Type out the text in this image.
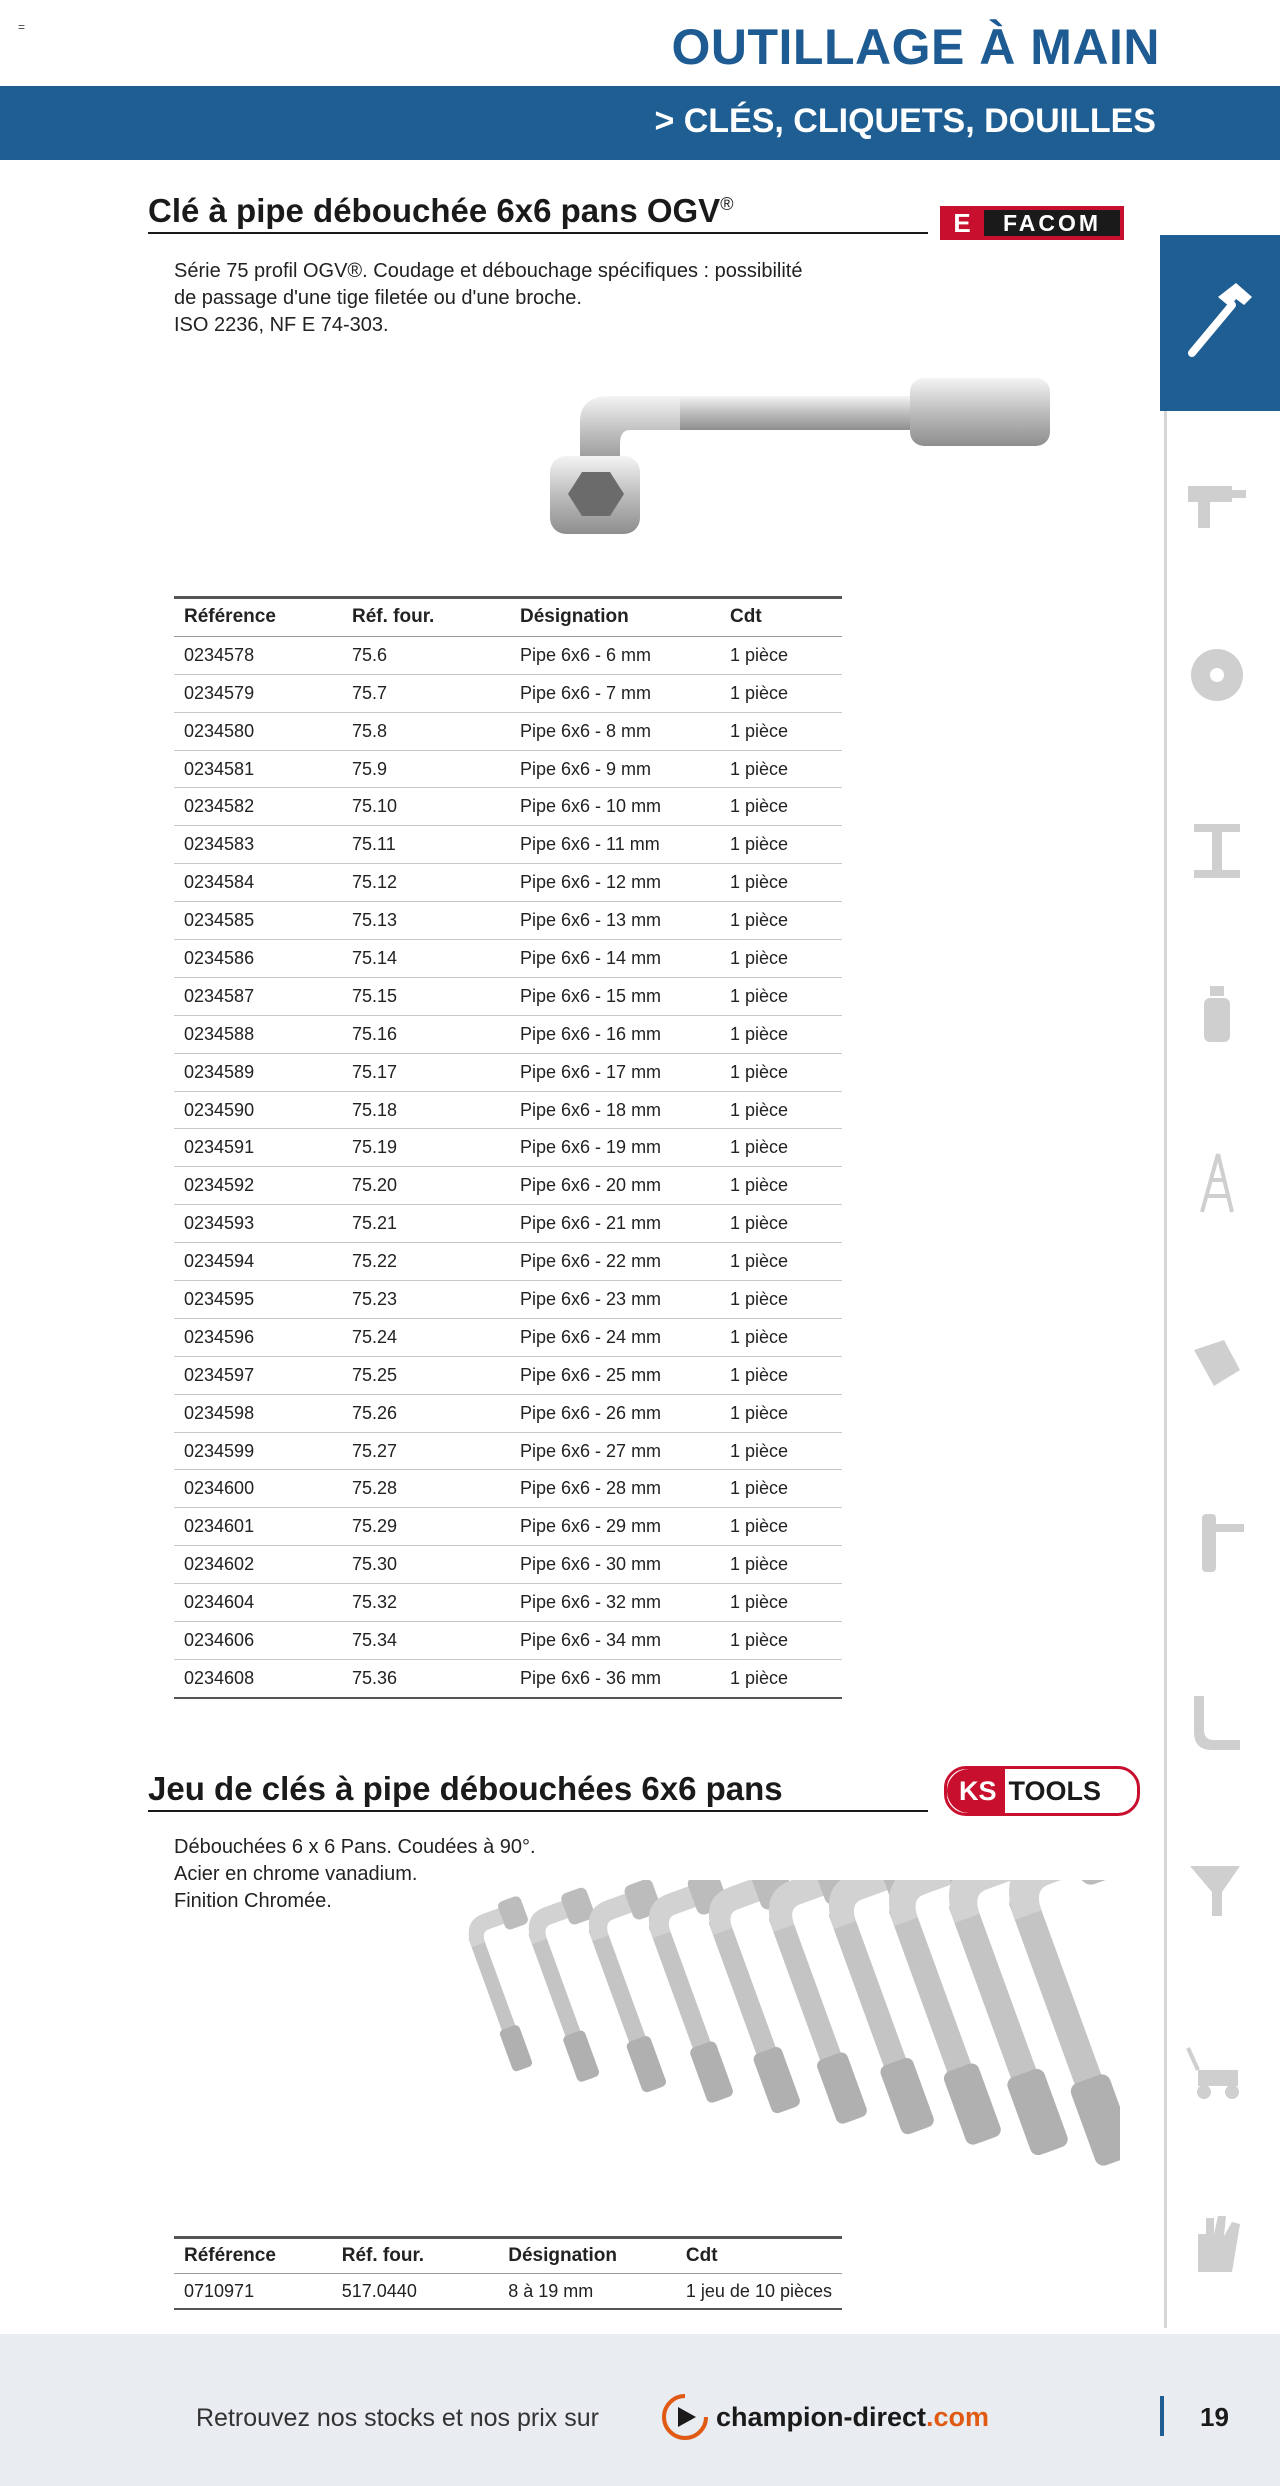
=	OUTILLAGE À MAIN
> CLÉS, CLIQUETS, DOUILLES
Clé à pipe débouchée 6x6 pans OGV®
E	FACOM
Série 75 profil OGV®. Coudage et débouchage spécifiques : possibilité
de passage d'une tige filetée ou d'une broche.
ISO 2236, NF E 74-303.
Référence	Réf. four.	Désignation	Cdt
0234578	75.6	Pipe 6x6 - 6 mm	1 pièce
0234579	75.7	Pipe 6x6 - 7 mm	1 pièce
0234580	75.8	Pipe 6x6 - 8 mm	1 pièce
0234581	75.9	Pipe 6x6 - 9 mm	1 pièce
0234582	75.10	Pipe 6x6 - 10 mm	1 pièce
0234583	75.11	Pipe 6x6 - 11 mm	1 pièce
0234584	75.12	Pipe 6x6 - 12 mm	1 pièce
0234585	75.13	Pipe 6x6 - 13 mm	1 pièce
0234586	75.14	Pipe 6x6 - 14 mm	1 pièce
0234587	75.15	Pipe 6x6 - 15 mm	1 pièce
0234588	75.16	Pipe 6x6 - 16 mm	1 pièce
0234589	75.17	Pipe 6x6 - 17 mm	1 pièce
0234590	75.18	Pipe 6x6 - 18 mm	1 pièce
0234591	75.19	Pipe 6x6 - 19 mm	1 pièce
0234592	75.20	Pipe 6x6 - 20 mm	1 pièce
0234593	75.21	Pipe 6x6 - 21 mm	1 pièce
0234594	75.22	Pipe 6x6 - 22 mm	1 pièce
0234595	75.23	Pipe 6x6 - 23 mm	1 pièce
0234596	75.24	Pipe 6x6 - 24 mm	1 pièce
0234597	75.25	Pipe 6x6 - 25 mm	1 pièce
0234598	75.26	Pipe 6x6 - 26 mm	1 pièce
0234599	75.27	Pipe 6x6 - 27 mm	1 pièce
0234600	75.28	Pipe 6x6 - 28 mm	1 pièce
0234601	75.29	Pipe 6x6 - 29 mm	1 pièce
0234602	75.30	Pipe 6x6 - 30 mm	1 pièce
0234604	75.32	Pipe 6x6 - 32 mm	1 pièce
0234606	75.34	Pipe 6x6 - 34 mm	1 pièce
0234608	75.36	Pipe 6x6 - 36 mm	1 pièce
Jeu de clés à pipe débouchées 6x6 pans	KS TOOLS
Débouchées 6 x 6 Pans. Coudées à 90°.
Acier en chrome vanadium.
Finition Chromée.
Référence	Réf. four.	Désignation	Cdt
0710971	517.0440	8 à 19 mm	1 jeu de 10 pièces
Retrouvez nos stocks et nos prix sur	champion-direct.com	19
